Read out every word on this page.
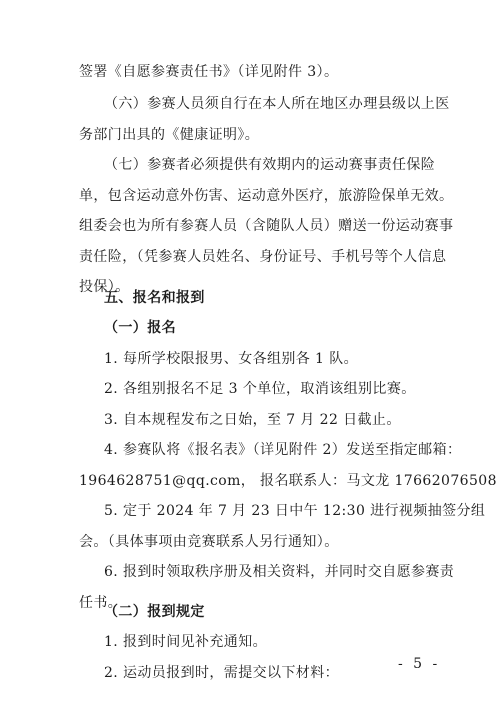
签署《自愿参赛责任书》（详见附件 3）。
（六）参赛人员须自行在本人所在地区办理县级以上医
务部门出具的《健康证明》。
（七）参赛者必须提供有效期内的运动赛事责任保险
单，包含运动意外伤害、运动意外医疗，旅游险保单无效。
组委会也为所有参赛人员（含随队人员）赠送一份运动赛事
责任险，（凭参赛人员姓名、身份证号、手机号等个人信息
投保）。
五、报名和报到
（一）报名
1. 每所学校限报男、女各组别各 1 队。
2. 各组别报名不足 3 个单位，取消该组别比赛。
3. 自本规程发布之日始，至 7 月 22 日截止。
4. 参赛队将《报名表》（详见附件 2）发送至指定邮箱：
1964628751@qq.com， 报名联系人：马文龙 17662076508
5. 定于 2024 年 7 月 23 日中午 12:30 进行视频抽签分组
会。（具体事项由竞赛联系人另行通知）。
6. 报到时领取秩序册及相关资料，并同时交自愿参赛责
任书。
（二）报到规定
1. 报到时间见补充通知。
2. 运动员报到时，需提交以下材料：
- 5 -
